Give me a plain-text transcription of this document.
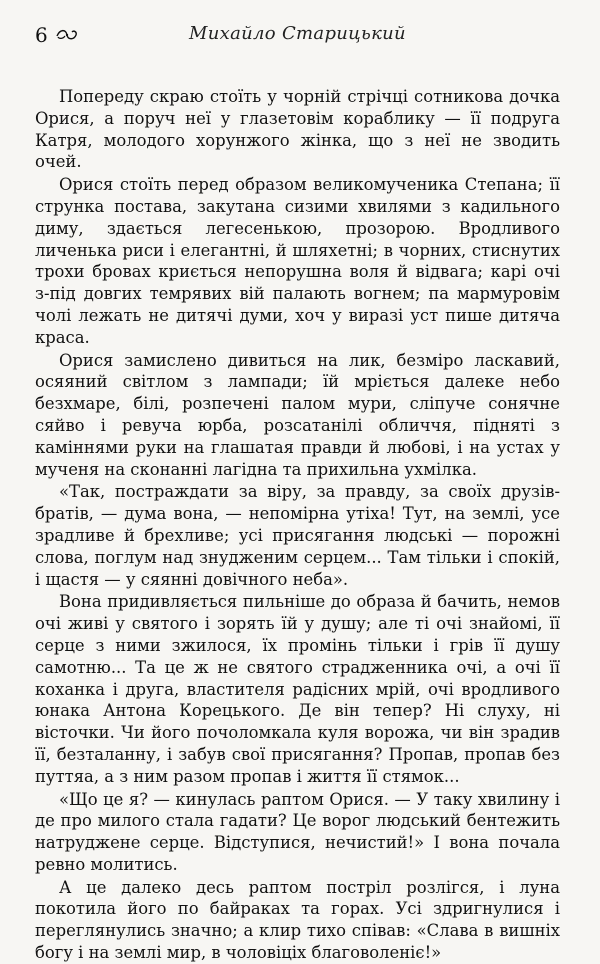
6	Михайло Старицький

Попереду скраю стоїть у чорній стрічці сотникова дочка Орися, а поруч неї у глазетовім кораблику — її подруга Катря, молодого хорунжого жінка, що з неї не зводить очей.

Орися стоїть перед образом великомученика Степана; її струнка постава, закутана сизими хвилями з кадильного диму, здається легесенькою, прозорою. Вродливого личенька риси і елегантні, й шляхетні; в чорних, стиснутих трохи бровах криється непорушна воля й відвага; карі очі з-під довгих темрявих вій палають вогнем; па мармуровім чолі лежать не дитячі думи, хоч у виразі уст пише дитяча краса.

Орися замислено дивиться на лик, безміро ласкавий, осяяний світлом з лампади; їй мріється далеке небо безхмаре, білі, розпечені палом мури, сліпуче сонячне сяйво і ревуча юрба, розсатанілі обличчя, підняті з каміннями руки на глашатая правди й любові, і на устах у мученя на сконанні лагідна та прихильна ухмілка.

«Так, постраждати за віру, за правду, за своїх друзів-братів, — дума вона, — непомірна утіха! Тут, на землі, усе зрадливе й брехливе; усі присягання людські — порожні слова, поглум над знудженим серцем... Там тільки і спокій, і щастя — у сяянні довічного неба».

Вона придивляється пильніше до образа й бачить, немов очі живі у святого і зорять їй у душу; але ті очі знайомі, її серце з ними зжилося, їх промінь тільки і грів її душу самотню... Та це ж не святого страдженника очі, а очі її коханка і друга, властителя радісних мрій, очі вродливого юнака Антона Корецького. Де він тепер? Ні слуху, ні вісточки. Чи його почоломкала куля ворожа, чи він зрадив її, безталанну, і забув свої присягання? Пропав, пропав без путтяa, а з ним разом пропав і життя її стямок...

«Що це я? — кинулась раптом Орися. — У таку хвилину і де про милого стала гадати? Це ворог людський бентежить натруджене серце. Відступися, нечистий!» І вона почала ревно молитись.

А це далеко десь раптом пострiл розлігся, і луна покотила його по байраках та горах. Усі здригнулися і переглянулись значно; а клир тихо співав: «Слава в вишнiх богу і на землі мир, в чоловіцiх благоволенiє!»
